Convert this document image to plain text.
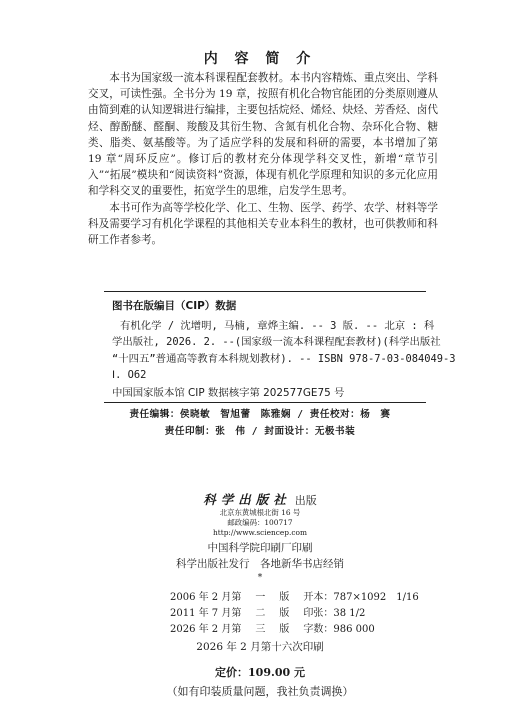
内 容 简 介

本书为国家级一流本科课程配套教材。本书内容精炼、重点突出、学科交叉，可读性强。全书分为 19 章，按照有机化合物官能团的分类原则遵从由简到难的认知逻辑进行编排，主要包括烷烃、烯烃、炔烃、芳香烃、卤代烃、醇酚醚、醛酮、羧酸及其衍生物、含氮有机化合物、杂环化合物、糖类、脂类、氨基酸等。为了适应学科的发展和科研的需要，本书增加了第 19 章“周环反应”。修订后的教材充分体现学科交叉性，新增“章节引入”“拓展”模块和“阅读资料”资源，体现有机化学原理和知识的多元化应用和学科交叉的重要性，拓宽学生的思维，启发学生思考。

本书可作为高等学校化学、化工、生物、医学、药学、农学、材料等学科及需要学习有机化学课程的其他相关专业本科生的教材，也可供教师和科研工作者参考。

图书在版编目（CIP）数据
有机化学 / 沈增明, 马楠, 章烨主编. -- 3 版. -- 北京 : 科
学出版社, 2026. 2. --(国家级一流本科课程配套教材)(科学出版社
“十四五”普通高等教育本科规划教材). -- ISBN 978-7-03-084049-3
Ⅰ. O62
中国国家版本馆 CIP 数据核字第 202577GE75 号
责任编辑：侯晓敏　智旭蕾　陈雅娴 / 责任校对：杨　赛
责任印制：张　伟 / 封面设计：无极书装
科学出版社 出版
北京东黄城根北街 16 号
邮政编码：100717
http://www.sciencep.com
中国科学院印刷厂印刷
科学出版社发行　各地新华书店经销
*
2006 年 2 月第	一	版	开本：787×1092　1/16
2011 年 7 月第	二	版	印张：38 1/2
2026 年 2 月第	三	版	字数：986 000
2026 年 2 月第十六次印刷
定价：109.00 元
（如有印装质量问题，我社负责调换）
